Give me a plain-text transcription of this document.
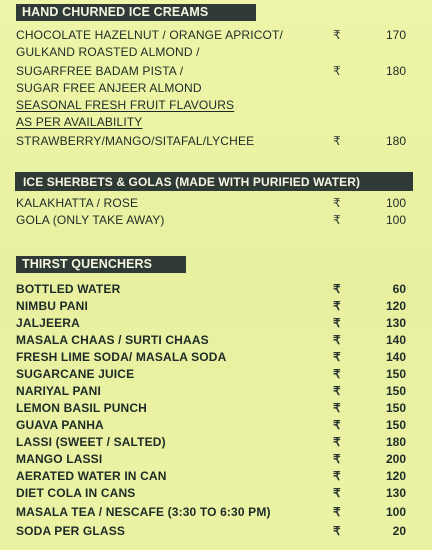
HAND CHURNED ICE CREAMS
CHOCOLATE HAZELNUT / ORANGE APRICOT/	₹	170
GULKAND ROASTED ALMOND /
SUGARFREE BADAM PISTA /	₹	180
SUGAR FREE ANJEER ALMOND
SEASONAL FRESH FRUIT FLAVOURS
AS PER AVAILABILITY
STRAWBERRY/MANGO/SITAFAL/LYCHEE	₹	180
ICE SHERBETS & GOLAS (MADE WITH PURIFIED WATER)
KALAKHATTA / ROSE	₹	100
GOLA (ONLY TAKE AWAY)	₹	100
THIRST QUENCHERS
BOTTLED WATER	₹	60
NIMBU PANI	₹	120
JALJEERA	₹	130
MASALA CHAAS / SURTI CHAAS	₹	140
FRESH LIME SODA/ MASALA SODA	₹	140
SUGARCANE JUICE	₹	150
NARIYAL PANI	₹	150
LEMON BASIL PUNCH	₹	150
GUAVA PANHA	₹	150
LASSI (SWEET / SALTED)	₹	180
MANGO LASSI	₹	200
AERATED WATER IN CAN	₹	120
DIET COLA IN CANS	₹	130
MASALA TEA / NESCAFE (3:30 TO 6:30 PM)	₹	100
SODA PER GLASS	₹	20
